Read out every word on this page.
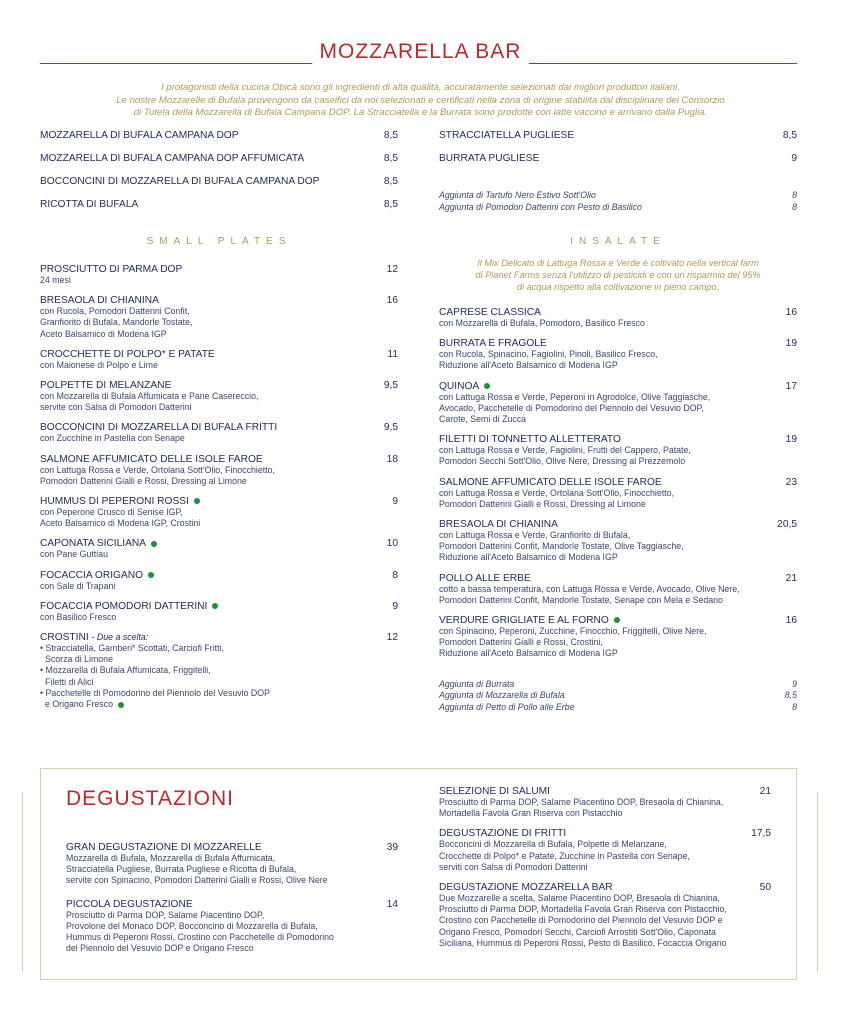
MOZZARELLA BAR
I protagonisti della cucina Obicà sono gli ingredienti di alta qualità, accuratamente selezionati dai migliori produttori italiani.
Le nostre Mozzarelle di Bufala provengono da caseifici da noi selezionati e certificati nella zona di origine stabilita dal disciplinare del Consorzio
di Tutela della Mozzarella di Bufala Campana DOP. La Stracciatella e la Burrata sono prodotte con latte vaccino e arrivano dalla Puglia.
MOZZARELLA DI BUFALA CAMPANA DOP	8,5
MOZZARELLA DI BUFALA CAMPANA DOP AFFUMICATA	8,5
BOCCONCINI DI MOZZARELLA DI BUFALA CAMPANA DOP	8,5
RICOTTA DI BUFALA	8,5
STRACCIATELLA PUGLIESE	8,5
BURRATA PUGLIESE	9
Aggiunta di Tartufo Nero Estivo Sott'Olio	8
Aggiunta di Pomodori Datterini con Pesto di Basilico	8
SMALL PLATES
PROSCIUTTO DI PARMA DOP	12
24 mesi
BRESAOLA DI CHIANINA	16
con Rucola, Pomodori Datterini Confit,
Granfiorito di Bufala, Mandorle Tostate,
Aceto Balsamico di Modena IGP
CROCCHETTE DI POLPO* E PATATE	11
con Maionese di Polpo e Lime
POLPETTE DI MELANZANE	9,5
con Mozzarella di Bufala Affumicata e Pane Casereccio,
servite con Salsa di Pomodori Datterini
BOCCONCINI DI MOZZARELLA DI BUFALA FRITTI	9,5
con Zucchine in Pastella con Senape
SALMONE AFFUMICATO DELLE ISOLE FAROE	18
con Lattuga Rossa e Verde, Ortolana Sott'Olio, Finocchietto,
Pomodori Datterini Gialli e Rossi, Dressing al Limone
HUMMUS DI PEPERONI ROSSI	9
con Peperone Crusco di Senise IGP,
Aceto Balsamico di Modena IGP, Crostini
CAPONATA SICILIANA	10
con Pane Guttiau
FOCACCIA ORIGANO	8
con Sale di Trapani
FOCACCIA POMODORI DATTERINI	9
con Basilico Fresco
CROSTINI - Due a scelta:	12
• Stracciatella, Gamberi* Scottati, Carciofi Fritti,
Scorza di Limone
• Mozzarella di Bufala Affumicata, Friggitelli,
Filetti di Alici
• Pacchetelle di Pomodorino del Piennolo del Vesuvio DOP
e Origano Fresco
INSALATE
Il Mix Delicato di Lattuga Rossa e Verde è coltivato nella vertical farm
di Planet Farms senza l'utilizzo di pesticidi e con un risparmio del 95%
di acqua rispetto alla coltivazione in pieno campo.
CAPRESE CLASSICA	16
con Mozzarella di Bufala, Pomodoro, Basilico Fresco
BURRATA E FRAGOLE	19
con Rucola, Spinacino, Fagiolini, Pinoli, Basilico Fresco,
Riduzione all'Aceto Balsamico di Modena IGP
QUINOA	17
con Lattuga Rossa e Verde, Peperoni in Agrodolce, Olive Taggiasche,
Avocado, Pacchetelle di Pomodorino del Piennolo del Vesuvio DOP,
Carote, Semi di Zucca
FILETTI DI TONNETTO ALLETTERATO	19
con Lattuga Rossa e Verde, Fagiolini, Frutti del Cappero, Patate,
Pomodori Secchi Sott'Olio, Olive Nere, Dressing al Prezzemolo
SALMONE AFFUMICATO DELLE ISOLE FAROE	23
con Lattuga Rossa e Verde, Ortolana Sott'Olio, Finocchietto,
Pomodori Datterini Gialli e Rossi, Dressing al Limone
BRESAOLA DI CHIANINA	20,5
con Lattuga Rossa e Verde, Granfiorito di Bufala,
Pomodori Datterini Confit, Mandorle Tostate, Olive Taggiasche,
Riduzione all'Aceto Balsamico di Modena IGP
POLLO ALLE ERBE	21
cotto a bassa temperatura, con Lattuga Rossa e Verde, Avocado, Olive Nere,
Pomodori Datterini Confit, Mandorle Tostate, Senape con Mela e Sedano
VERDURE GRIGLIATE E AL FORNO	16
con Spinacino, Peperoni, Zucchine, Finocchio, Friggitelli, Olive Nere,
Pomodori Datterini Gialli e Rossi, Crostini,
Riduzione all'Aceto Balsamico di Modena IGP
Aggiunta di Burrata	9
Aggiunta di Mozzarella di Bufala	8,5
Aggiunta di Petto di Pollo alle Erbe	8
DEGUSTAZIONI
GRAN DEGUSTAZIONE DI MOZZARELLE	39
Mozzarella di Bufala, Mozzarella di Bufala Affumicata,
Stracciatella Pugliese, Burrata Pugliese e Ricotta di Bufala,
servite con Spinacino, Pomodori Datterini Gialli e Rossi, Olive Nere
PICCOLA DEGUSTAZIONE	14
Prosciutto di Parma DOP, Salame Piacentino DOP,
Provolone del Monaco DOP, Bocconcino di Mozzarella di Bufala,
Hummus di Peperoni Rossi, Crostino con Pacchetelle di Pomodorino
del Piennolo del Vesuvio DOP e Origano Fresco
SELEZIONE DI SALUMI	21
Prosciutto di Parma DOP, Salame Piacentino DOP, Bresaola di Chianina,
Mortadella Favola Gran Riserva con Pistacchio
DEGUSTAZIONE DI FRITTI	17,5
Bocconcini di Mozzarella di Bufala, Polpette di Melanzane,
Crocchette di Polpo* e Patate, Zucchine in Pastella con Senape,
serviti con Salsa di Pomodori Datterini
DEGUSTAZIONE MOZZARELLA BAR	50
Due Mozzarelle a scelta, Salame Piacentino DOP, Bresaola di Chianina,
Prosciutto di Parma DOP, Mortadella Favola Gran Riserva con Pistacchio,
Crostino con Pacchetelle di Pomodorino del Piennolo del Vesuvio DOP e
Origano Fresco, Pomodori Secchi, Carciofi Arrostiti Sott'Olio, Caponata
Siciliana, Hummus di Peperoni Rossi, Pesto di Basilico, Focaccia Origano
